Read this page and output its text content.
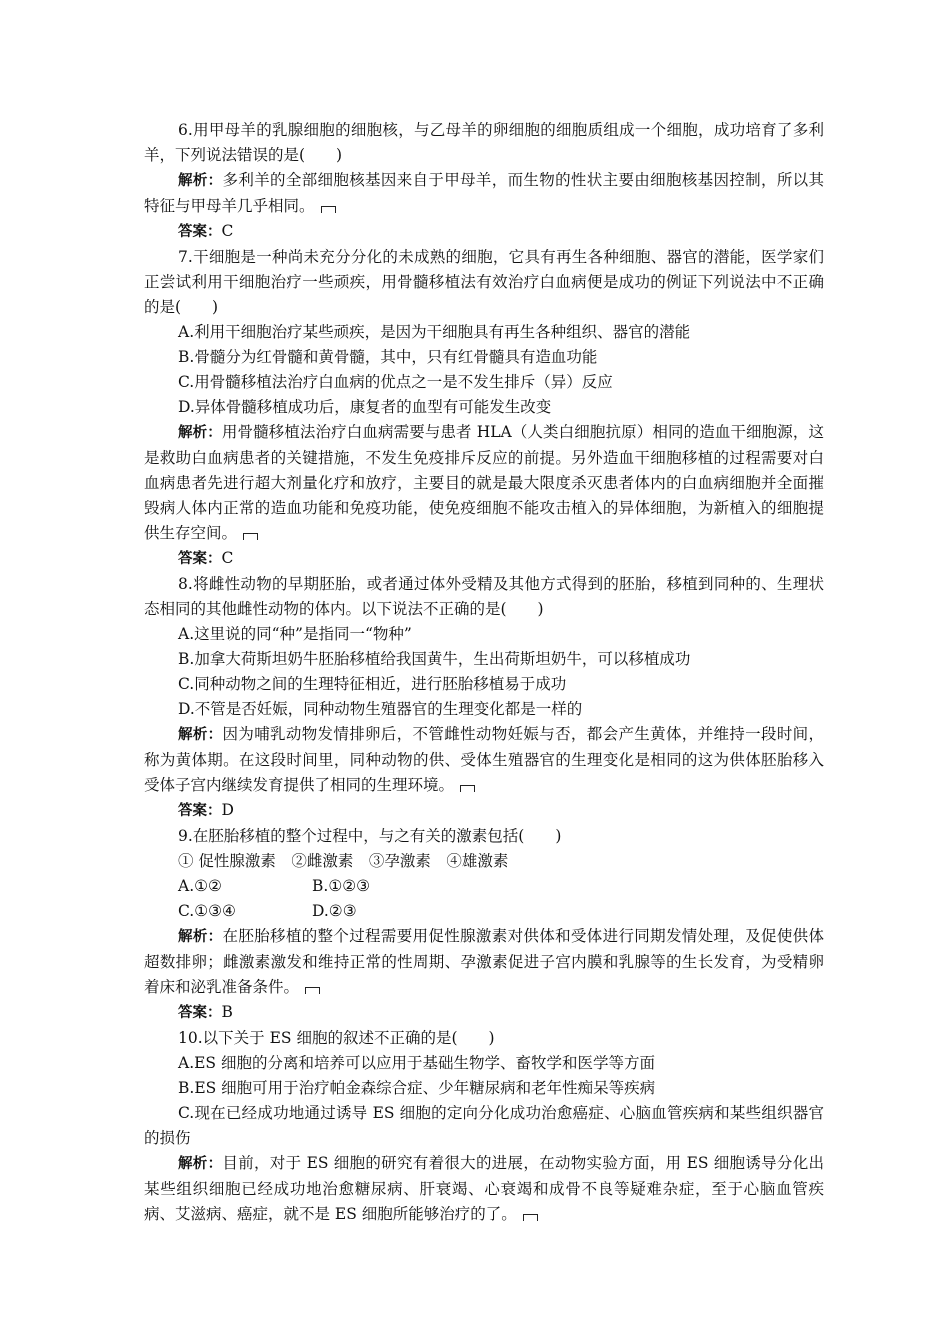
6.用甲母羊的乳腺细胞的细胞核，与乙母羊的卵细胞的细胞质组成一个细胞，成功培育了多利羊，下列说法错误的是(　　)

解析：多利羊的全部细胞核基因来自于甲母羊，而生物的性状主要由细胞核基因控制，所以其特征与甲母羊几乎相同。

答案：C

7.干细胞是一种尚未充分分化的未成熟的细胞，它具有再生各种细胞、器官的潜能，医学家们正尝试利用干细胞治疗一些顽疾，用骨髓移植法有效治疗白血病便是成功的例证下列说法中不正确的是(　　)

A.利用干细胞治疗某些顽疾，是因为干细胞具有再生各种组织、器官的潜能

B.骨髓分为红骨髓和黄骨髓，其中，只有红骨髓具有造血功能

C.用骨髓移植法治疗白血病的优点之一是不发生排斥（异）反应

D.异体骨髓移植成功后，康复者的血型有可能发生改变

解析：用骨髓移植法治疗白血病需要与患者 HLA（人类白细胞抗原）相同的造血干细胞源，这是救助白血病患者的关键措施，不发生免疫排斥反应的前提。另外造血干细胞移植的过程需要对白血病患者先进行超大剂量化疗和放疗，主要目的就是最大限度杀灭患者体内的白血病细胞并全面摧毁病人体内正常的造血功能和免疫功能，使免疫细胞不能攻击植入的异体细胞，为新植入的细胞提供生存空间。

答案：C

8.将雌性动物的早期胚胎，或者通过体外受精及其他方式得到的胚胎，移植到同种的、生理状态相同的其他雌性动物的体内。以下说法不正确的是(　　)

A.这里说的同“种”是指同一“物种”

B.加拿大荷斯坦奶牛胚胎移植给我国黄牛，生出荷斯坦奶牛，可以移植成功

C.同种动物之间的生理特征相近，进行胚胎移植易于成功

D.不管是否妊娠，同种动物生殖器官的生理变化都是一样的

解析：因为哺乳动物发情排卵后，不管雌性动物妊娠与否，都会产生黄体，并维持一段时间，称为黄体期。在这段时间里，同种动物的供、受体生殖器官的生理变化是相同的这为供体胚胎移入受体子宫内继续发育提供了相同的生理环境。

答案：D

9.在胚胎移植的整个过程中，与之有关的激素包括(　　)

① 促性腺激素　②雌激素　③孕激素　④雄激素

A.①②	B.①②③

C.①③④	D.②③

解析：在胚胎移植的整个过程需要用促性腺激素对供体和受体进行同期发情处理，及促使供体超数排卵；雌激素激发和维持正常的性周期、孕激素促进子宫内膜和乳腺等的生长发育，为受精卵着床和泌乳准备条件。

答案：B

10.以下关于 ES 细胞的叙述不正确的是(　　)

A.ES 细胞的分离和培养可以应用于基础生物学、畜牧学和医学等方面

B.ES 细胞可用于治疗帕金森综合症、少年糖尿病和老年性痴呆等疾病

C.现在已经成功地通过诱导 ES 细胞的定向分化成功治愈癌症、心脑血管疾病和某些组织器官的损伤

解析：目前，对于 ES 细胞的研究有着很大的进展，在动物实验方面，用 ES 细胞诱导分化出某些组织细胞已经成功地治愈糖尿病、肝衰竭、心衰竭和成骨不良等疑难杂症，至于心脑血管疾病、艾滋病、癌症，就不是 ES 细胞所能够治疗的了。
